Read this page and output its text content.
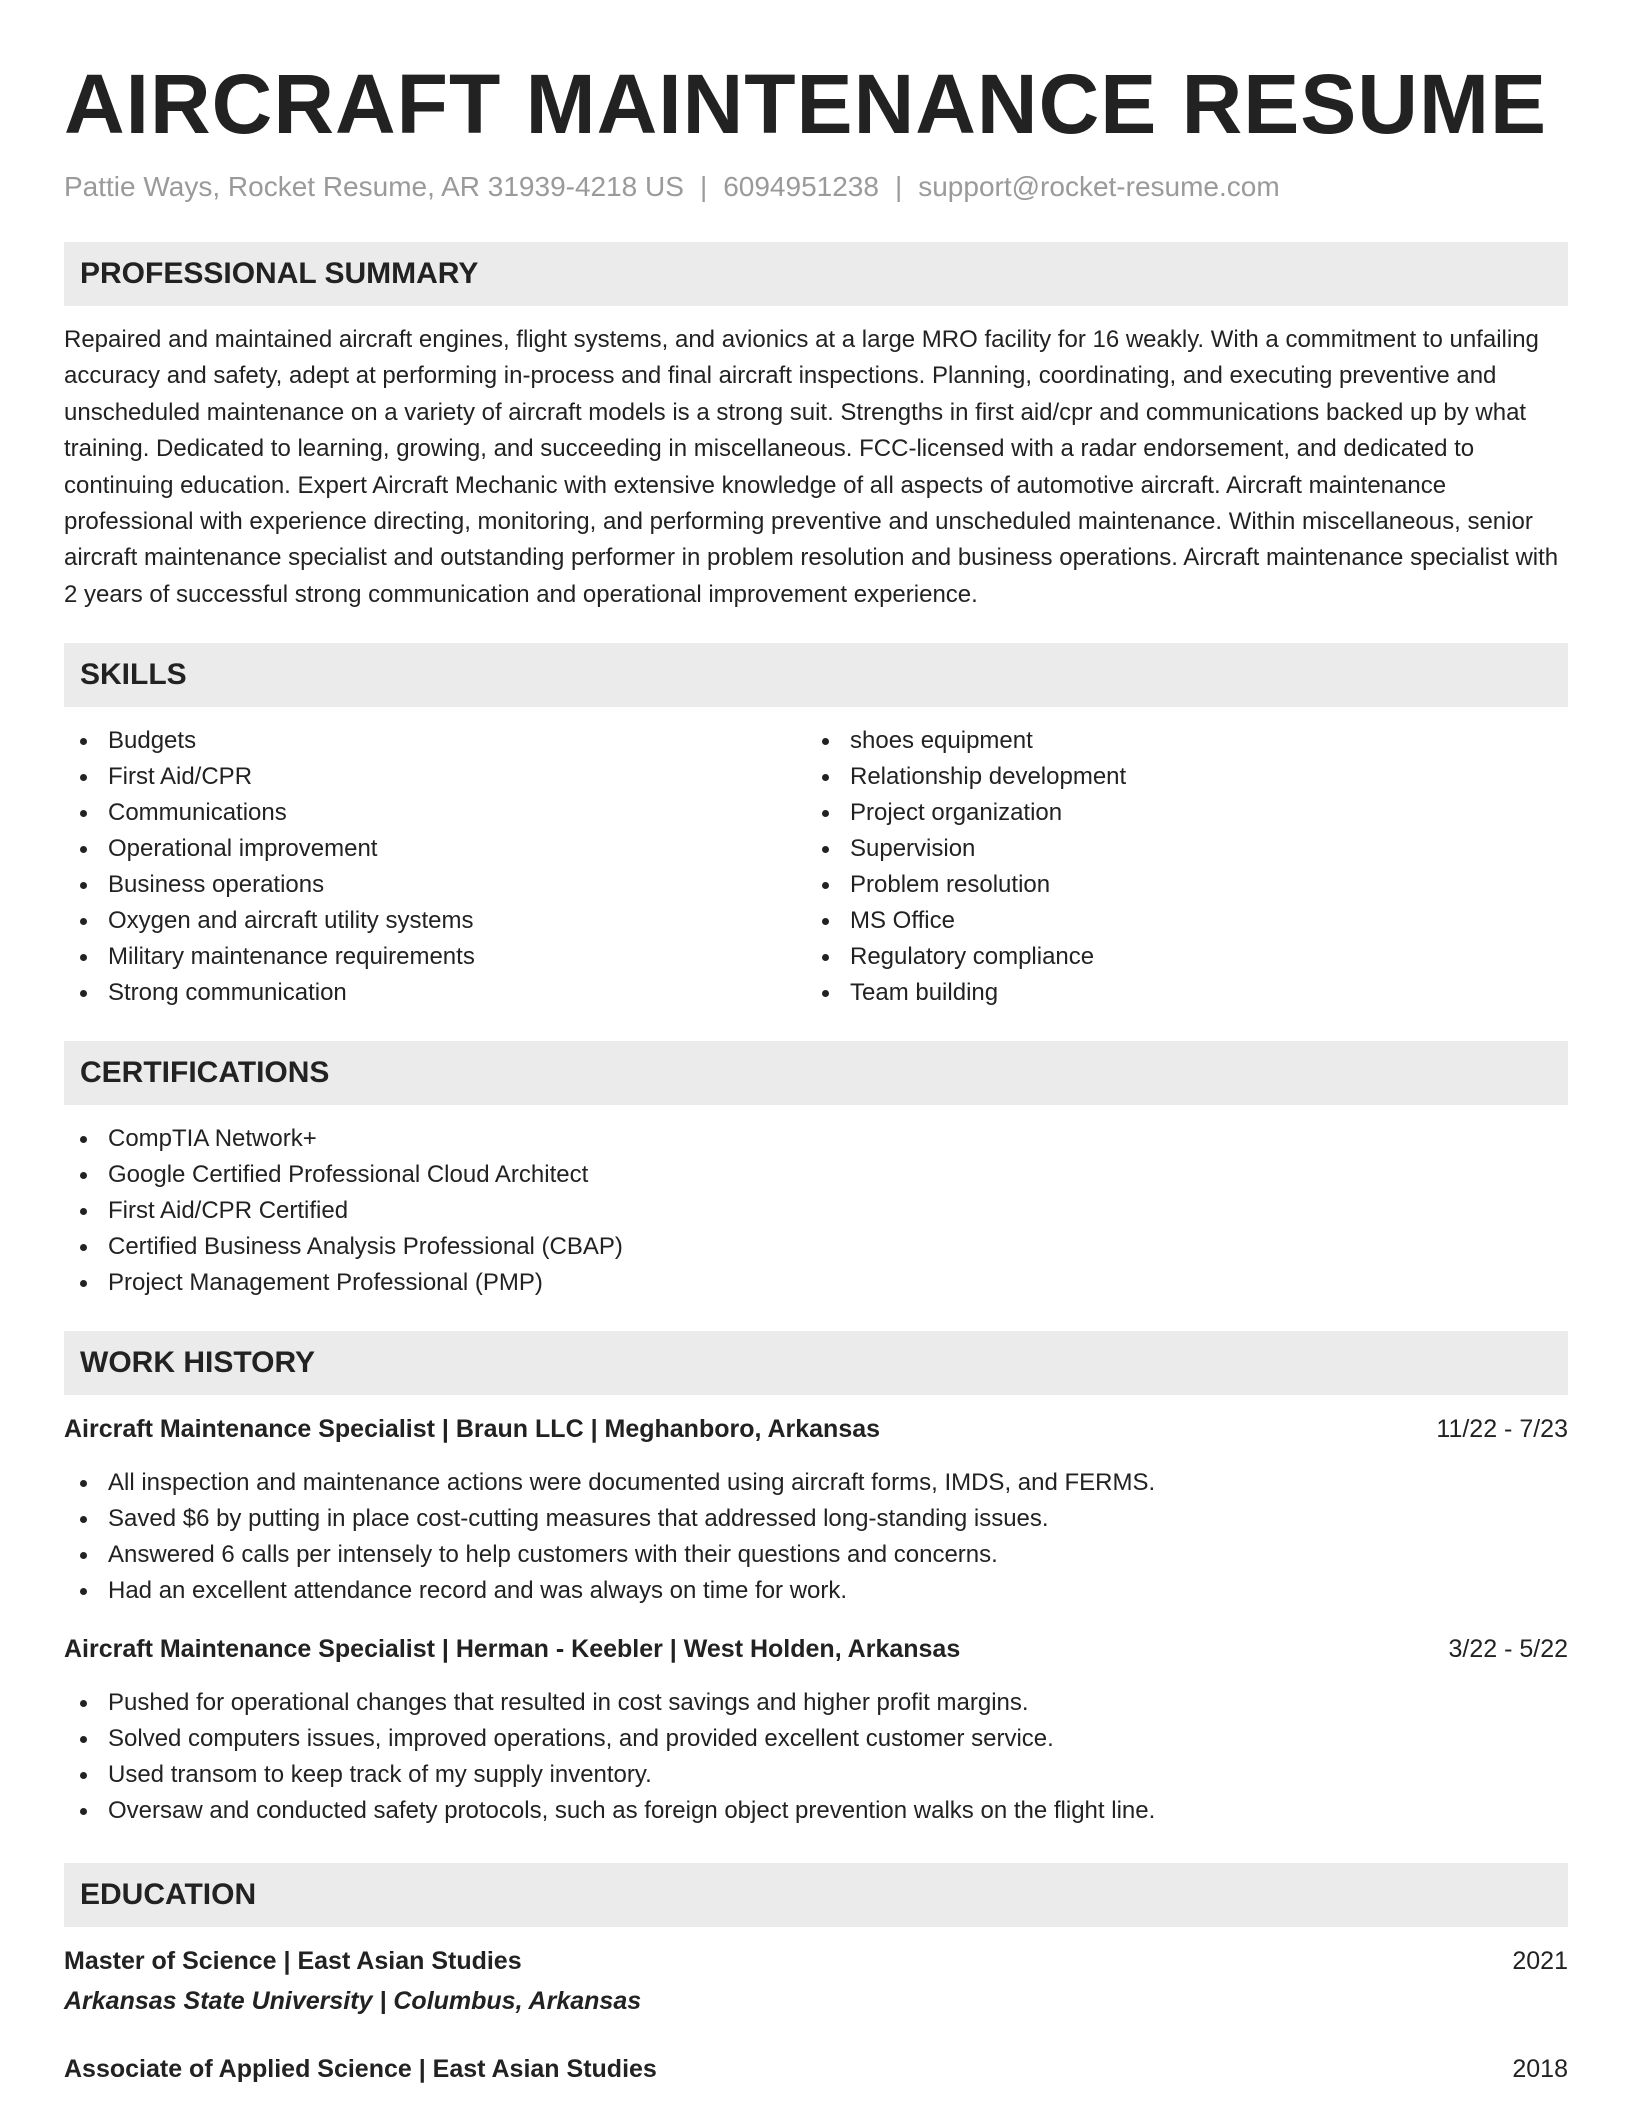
AIRCRAFT MAINTENANCE RESUME
Pattie Ways, Rocket Resume, AR 31939-4218 US | 6094951238 | support@rocket-resume.com
PROFESSIONAL SUMMARY

Repaired and maintained aircraft engines, flight systems, and avionics at a large MRO facility for 16 weakly. With a commitment to unfailing accuracy and safety, adept at performing in-process and final aircraft inspections. Planning, coordinating, and executing preventive and unscheduled maintenance on a variety of aircraft models is a strong suit. Strengths in first aid/cpr and communications backed up by what training. Dedicated to learning, growing, and succeeding in miscellaneous. FCC-licensed with a radar endorsement, and dedicated to continuing education. Expert Aircraft Mechanic with extensive knowledge of all aspects of automotive aircraft. Aircraft maintenance professional with experience directing, monitoring, and performing preventive and unscheduled maintenance. Within miscellaneous, senior aircraft maintenance specialist and outstanding performer in problem resolution and business operations. Aircraft maintenance specialist with 2 years of successful strong communication and operational improvement experience.

SKILLS
Budgets
First Aid/CPR
Communications
Operational improvement
Business operations
Oxygen and aircraft utility systems
Military maintenance requirements
Strong communication
shoes equipment
Relationship development
Project organization
Supervision
Problem resolution
MS Office
Regulatory compliance
Team building
CERTIFICATIONS
CompTIA Network+
Google Certified Professional Cloud Architect
First Aid/CPR Certified
Certified Business Analysis Professional (CBAP)
Project Management Professional (PMP)
WORK HISTORY
Aircraft Maintenance Specialist | Braun LLC | Meghanboro, Arkansas	11/22 - 7/23
All inspection and maintenance actions were documented using aircraft forms, IMDS, and FERMS.
Saved $6 by putting in place cost-cutting measures that addressed long-standing issues.
Answered 6 calls per intensely to help customers with their questions and concerns.
Had an excellent attendance record and was always on time for work.
Aircraft Maintenance Specialist | Herman - Keebler | West Holden, Arkansas	3/22 - 5/22
Pushed for operational changes that resulted in cost savings and higher profit margins.
Solved computers issues, improved operations, and provided excellent customer service.
Used transom to keep track of my supply inventory.
Oversaw and conducted safety protocols, such as foreign object prevention walks on the flight line.
EDUCATION
Master of Science | East Asian Studies	2021
Arkansas State University | Columbus, Arkansas
Associate of Applied Science | East Asian Studies	2018
